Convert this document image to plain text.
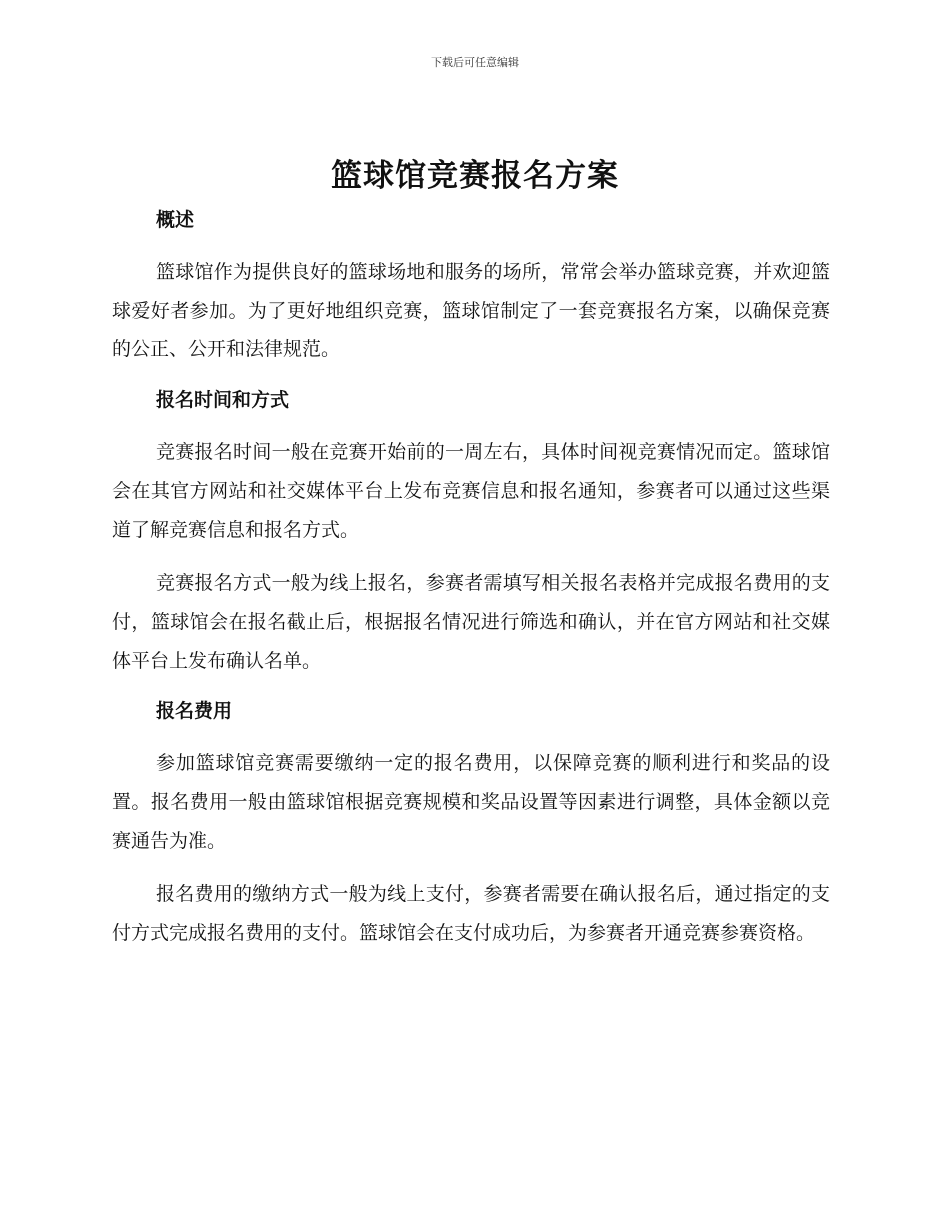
下载后可任意编辑
篮球馆竞赛报名方案
概述

篮球馆作为提供良好的篮球场地和服务的场所，常常会举办篮球竞赛，并欢迎篮球爱好者参加。为了更好地组织竞赛，篮球馆制定了一套竞赛报名方案，以确保竞赛的公正、公开和法律规范。

报名时间和方式

竞赛报名时间一般在竞赛开始前的一周左右，具体时间视竞赛情况而定。篮球馆会在其官方网站和社交媒体平台上发布竞赛信息和报名通知，参赛者可以通过这些渠道了解竞赛信息和报名方式。

竞赛报名方式一般为线上报名，参赛者需填写相关报名表格并完成报名费用的支付，篮球馆会在报名截止后，根据报名情况进行筛选和确认，并在官方网站和社交媒体平台上发布确认名单。

报名费用

参加篮球馆竞赛需要缴纳一定的报名费用，以保障竞赛的顺利进行和奖品的设置。报名费用一般由篮球馆根据竞赛规模和奖品设置等因素进行调整，具体金额以竞赛通告为准。

报名费用的缴纳方式一般为线上支付，参赛者需要在确认报名后，通过指定的支付方式完成报名费用的支付。篮球馆会在支付成功后，为参赛者开通竞赛参赛资格。
